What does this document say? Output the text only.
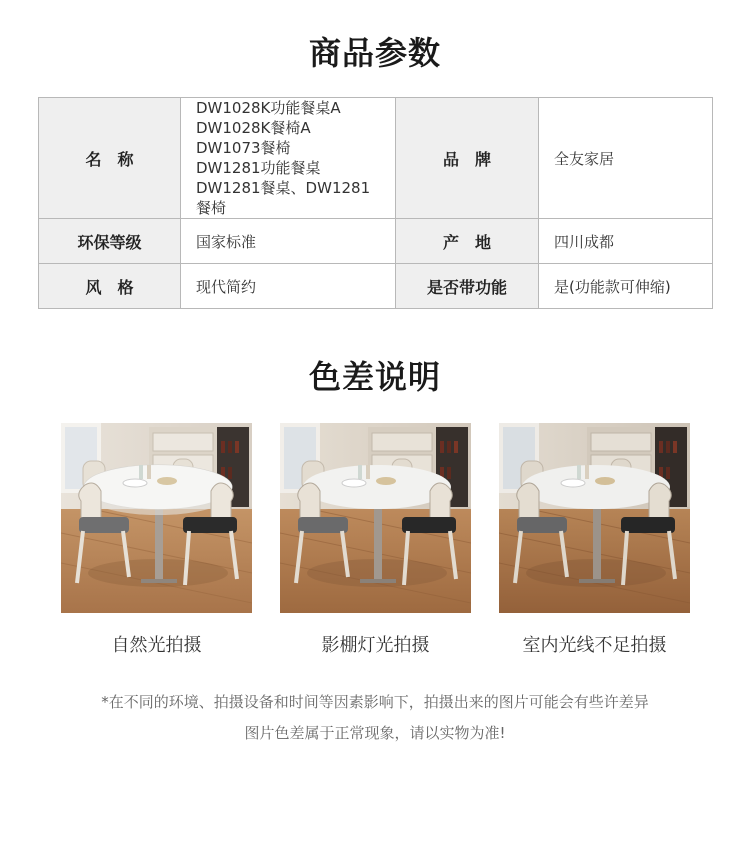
商品参数
名　称	DW1028K功能餐桌A
DW1028K餐椅A
DW1073餐椅
DW1281功能餐桌
DW1281餐桌、DW1281餐椅	品　牌	全友家居
环保等级	国家标准	产　地	四川成都
风　格	现代简约	是否带功能	是(功能款可伸缩)
色差说明
自然光拍摄	影棚灯光拍摄	室内光线不足拍摄
*在不同的环境、拍摄设备和时间等因素影响下，拍摄出来的图片可能会有些许差异
图片色差属于正常现象，请以实物为准!
